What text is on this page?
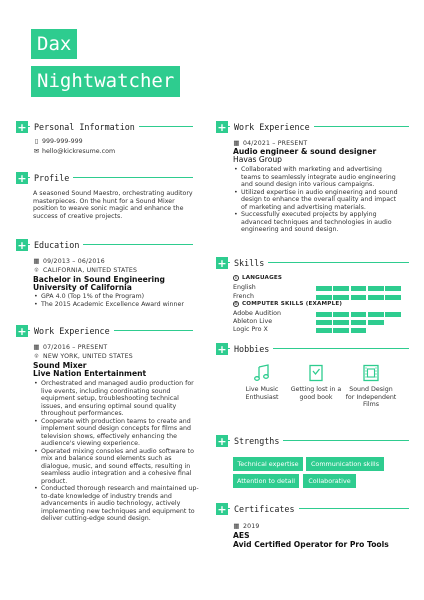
Dax
Nightwatcher
+ Personal Information
▯ 999-999-999
✉ hello@kickresume.com
+ Profile
A seasoned Sound Maestro, orchestrating auditory masterpieces. On the hunt for a Sound Mixer position to weave sonic magic and enhance the success of creative projects.
+ Education
▦ 09/2013 – 06/2016
⌾ CALIFORNIA, UNITED STATES
Bachelor in Sound Engineering
University of California
• GPA 4.0 (Top 1% of the Program)
• The 2015 Academic Excellence Award winner
+ Work Experience
▦ 07/2016 – PRESENT
⌾ NEW YORK, UNITED STATES
Sound Mixer
Live Nation Entertainment
• Orchestrated and managed audio production for live events, including coordinating sound equipment setup, troubleshooting technical issues, and ensuring optimal sound quality throughout performances.
• Cooperate with production teams to create and implement sound design concepts for films and television shows, effectively enhancing the audience's viewing experience.
• Operated mixing consoles and audio software to mix and balance sound elements such as dialogue, music, and sound effects, resulting in seamless audio integration and a cohesive final product.
• Conducted thorough research and maintained up-to-date knowledge of industry trends and advancements in audio technology, actively implementing new techniques and equipment to deliver cutting-edge sound design.
+ Work Experience
▦ 04/2021 – PRESENT
Audio engineer & sound designer
Havas Group
• Collaborated with marketing and advertising teams to seamlessly integrate audio engineering and sound design into various campaigns.
• Utilized expertise in audio engineering and sound design to enhance the overall quality and impact of marketing and advertising materials.
• Successfully executed projects by applying advanced techniques and technologies in audio engineering and sound design.
+ Skills
i LANGUAGES
English
French
⚙ COMPUTER SKILLS (EXAMPLE)
Adobe Audition
Ableton Live
Logic Pro X
+ Hobbies
Live Music Enthusiast
Getting lost in a good book
Sound Design for Independent Films
+ Strengths
Technical expertise	Communication skills
Attention to detail	Collaborative
+ Certificates
▦ 2019
AES
Avid Certified Operator for Pro Tools
